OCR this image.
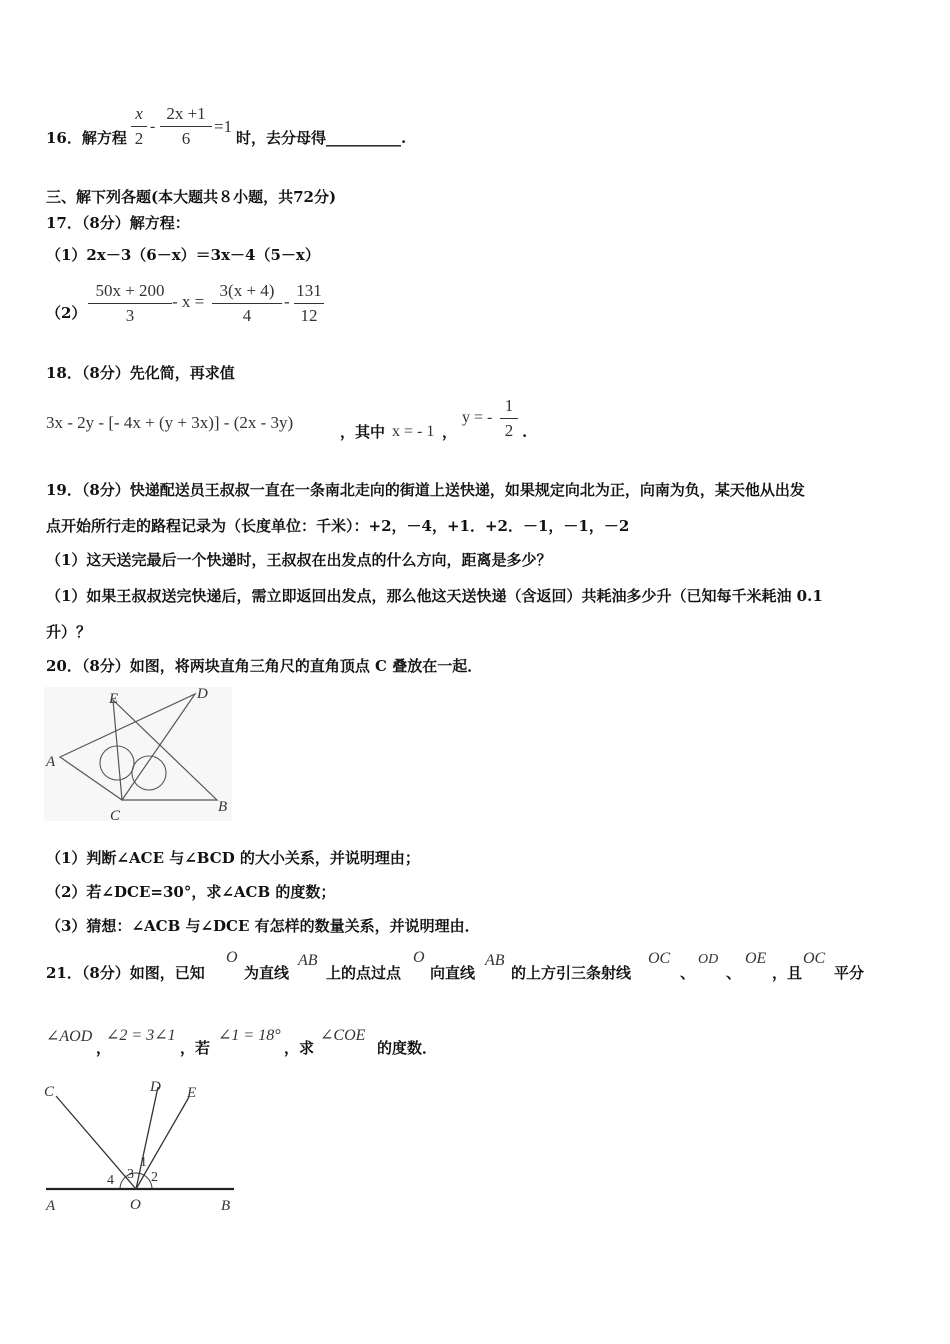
16．解方程
x
2
-
2x +1
6
=1
时，去分母得__________.
三、解下列各题(本大题共８小题，共72分)
17．（8分）解方程：
（1）2x－3（6－x）＝3x－4（5－x）
（2）
50x + 200
3
- x =
3(x + 4)
4
-
131
12
18．（8分）先化简，再求值
3x - 2y - [- 4x + (y + 3x)] - (2x - 3y)	，其中 x = - 1 ，
y = -
1
2 .
19．（8分）快递配送员王叔叔一直在一条南北走向的街道上送快递，如果规定向北为正，向南为负，某天他从出发
点开始所行走的路程记录为（长度单位：千米）：+2，－4，+1．+2．－1，－1，－2
（1）这天送完最后一个快递时，王叔叔在出发点的什么方向，距离是多少？
（1）如果王叔叔送完快递后，需立即返回出发点，那么他这天送快递（含返回）共耗油多少升（已知每千米耗油 0.1
升）？
20．（8分）如图，将两块直角三角尺的直角顶点 C 叠放在一起．
A
B
C
D
E
（1）判断∠ACE 与∠BCD 的大小关系，并说明理由；
（2）若∠DCE=30°，求∠ACB 的度数；
（3）猜想：∠ACB 与∠DCE 有怎样的数量关系，并说明理由．
21．（8分）如图，已知
O
为直线
AB
上的点过点
O
向直线
AB
的上方引三条射线
OC
、
OD
、
OE
，且
OC
平分
∠AOD
，
∠2 = 3∠1
，若
∠1 = 18°
，求
∠COE
的度数．
A	O	B
C	D E
1
2
3
4
